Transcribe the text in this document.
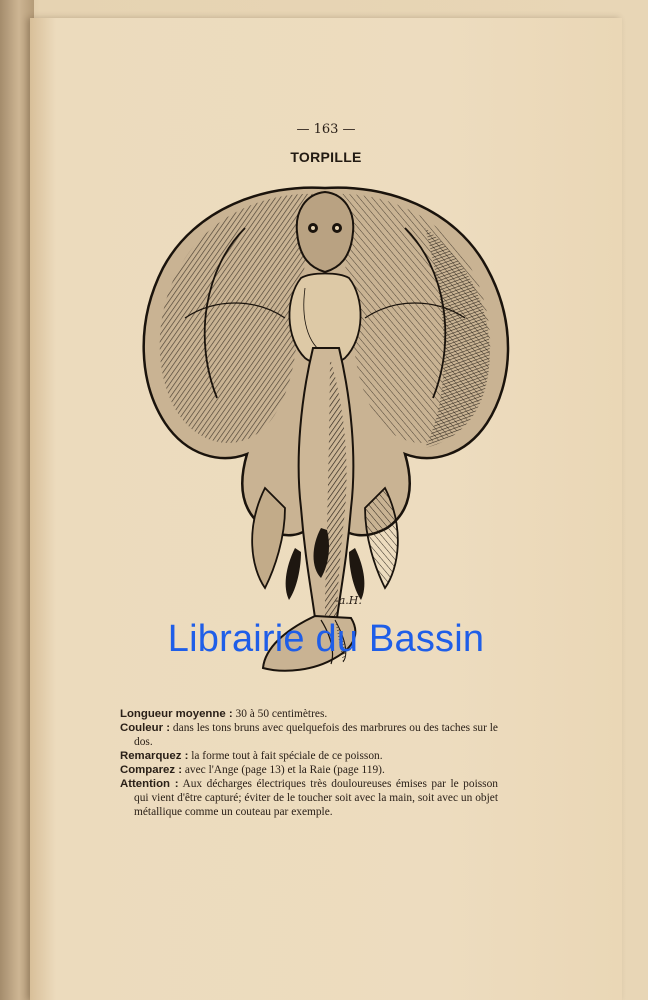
— 163 —
TORPILLE
-a.H.
Librairie du Bassin

Longueur moyenne : 30 à 50 centimètres.

Couleur : dans les tons bruns avec quelquefois des marbrures ou des taches sur le dos.

Remarquez : la forme tout à fait spéciale de ce poisson.

Comparez : avec l'Ange (page 13) et la Raie (page 119).

Attention : Aux décharges électriques très douloureuses émises par le poisson qui vient d'être capturé; éviter de le toucher soit avec la main, soit avec un objet métallique comme un couteau par exemple.
